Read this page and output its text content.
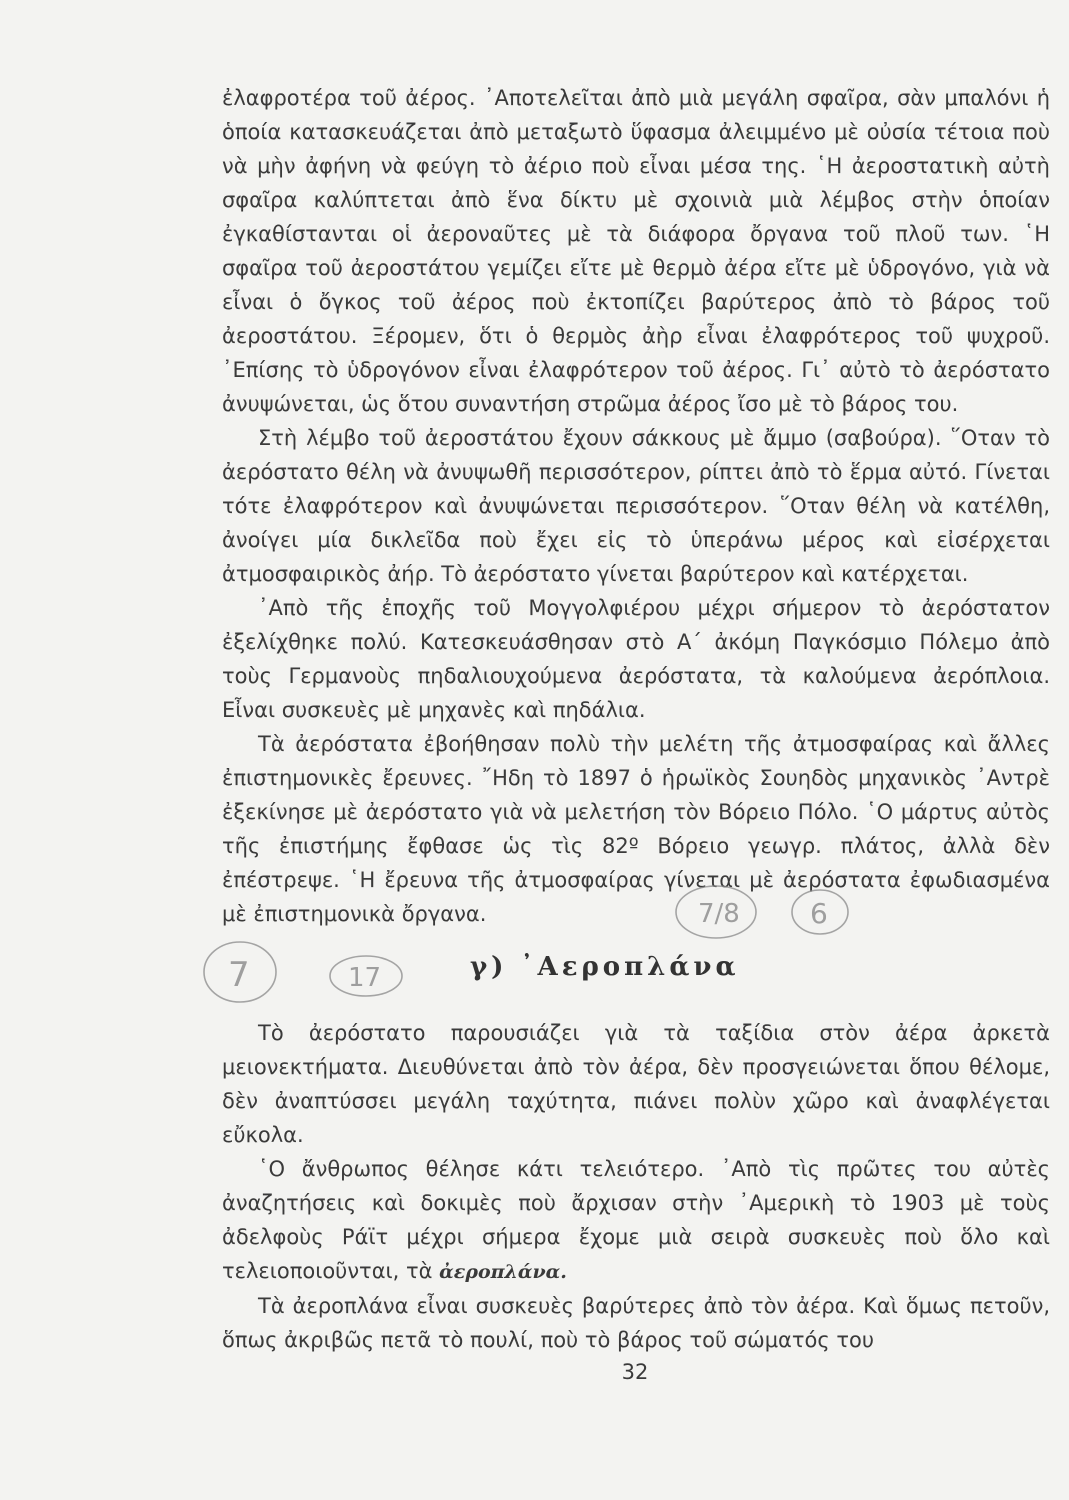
ἐλαφροτέρα τοῦ ἀέρος. ᾿Αποτελεῖται ἀπὸ μιὰ μεγάλη σφαῖρα, σὰν μπαλόνι ἡ ὁποία κατασκευάζεται ἀπὸ μεταξωτὸ ὕφασμα ἀλειμμένο μὲ οὐσία τέτοια ποὺ νὰ μὴν ἀφήνη νὰ φεύγη τὸ ἀέριο ποὺ εἶναι μέσα της. ῾Η ἀεροστατικὴ αὐτὴ σφαῖρα καλύπτεται ἀπὸ ἕνα δίκτυ μὲ σχοινιὰ μιὰ λέμβος στὴν ὁποίαν ἐγκαθίστανται οἱ ἀεροναῦτες μὲ τὰ διάφορα ὄργανα τοῦ πλοῦ των. ῾Η σφαῖρα τοῦ ἀεροστάτου γεμίζει εἴτε μὲ θερμὸ ἀέρα εἴτε μὲ ὑδρογόνο, γιὰ νὰ εἶναι ὁ ὄγκος τοῦ ἀέρος ποὺ ἐκτοπίζει βαρύτερος ἀπὸ τὸ βάρος τοῦ ἀεροστάτου. Ξέρομεν, ὅτι ὁ θερμὸς ἀὴρ εἶναι ἐλαφρότερος τοῦ ψυχροῦ. ᾿Επίσης τὸ ὑδρογόνον εἶναι ἐλαφρότερον τοῦ ἀέρος. Γι᾿ αὐτὸ τὸ ἀερόστατο ἀνυψώνεται, ὡς ὅτου συναντήση στρῶμα ἀέρος ἴσο μὲ τὸ βάρος του.

Στὴ λέμβο τοῦ ἀεροστάτου ἔχουν σάκκους μὲ ἄμμο (σαβούρα). ῞Οταν τὸ ἀερόστατο θέλη νὰ ἀνυψωθῆ περισσότερον, ρίπτει ἀπὸ τὸ ἕρμα αὐτό. Γίνεται τότε ἐλαφρότερον καὶ ἀνυψώνεται περισσότερον. ῞Οταν θέλη νὰ κατέλθη, ἀνοίγει μία δικλεῖδα ποὺ ἔχει εἰς τὸ ὑπεράνω μέρος καὶ εἰσέρχεται ἀτμοσφαιρικὸς ἀήρ. Τὸ ἀερόστατο γίνεται βαρύτερον καὶ κατέρχεται.

᾿Απὸ τῆς ἐποχῆς τοῦ Μογγολφιέρου μέχρι σήμερον τὸ ἀερόστατον ἐξελίχθηκε πολύ. Κατεσκευάσθησαν στὸ Α΄ ἀκόμη Παγκόσμιο Πόλεμο ἀπὸ τοὺς Γερμανοὺς πηδαλιουχούμενα ἀερόστατα, τὰ καλούμενα ἀερόπλοια. Εἶναι συσκευὲς μὲ μηχανὲς καὶ πηδάλια.

Τὰ ἀερόστατα ἐβοήθησαν πολὺ τὴν μελέτη τῆς ἀτμοσφαίρας καὶ ἄλλες ἐπιστημονικὲς ἔρευνες. ῎Ηδη τὸ 1897 ὁ ἡρωϊκὸς Σουηδὸς μηχανικὸς ᾿Αντρὲ ἐξεκίνησε μὲ ἀερόστατο γιὰ νὰ μελετήση τὸν Βόρειο Πόλο. ῾Ο μάρτυς αὐτὸς τῆς ἐπιστήμης ἔφθασε ὡς τὶς 82º Βόρειο γεωγρ. πλάτος, ἀλλὰ δὲν ἐπέστρεψε. ῾Η ἔρευνα τῆς ἀτμοσφαίρας γίνεται μὲ ἀερόστατα ἐφωδιασμένα μὲ ἐπιστημονικὰ ὄργανα.	7/8	6
7	17	γ) ᾿Αεροπλάνα

Τὸ ἀερόστατο παρουσιάζει γιὰ τὰ ταξίδια στὸν ἀέρα ἀρκετὰ μειονεκτήματα. Διευθύνεται ἀπὸ τὸν ἀέρα, δὲν προσγειώνεται ὅπου θέλομε, δὲν ἀναπτύσσει μεγάλη ταχύτητα, πιάνει πολὺν χῶρο καὶ ἀναφλέγεται εὔκολα.

῾Ο ἄνθρωπος θέλησε κάτι τελειότερο. ᾿Απὸ τὶς πρῶτες του αὐτὲς ἀναζητήσεις καὶ δοκιμὲς ποὺ ἄρχισαν στὴν ᾿Αμερικὴ τὸ 1903 μὲ τοὺς ἀδελφοὺς Ράϊτ μέχρι σήμερα ἔχομε μιὰ σειρὰ συσκευὲς ποὺ ὅλο καὶ τελειοποιοῦνται, τὰ ἀεροπλάνα.

Τὰ ἀεροπλάνα εἶναι συσκευὲς βαρύτερες ἀπὸ τὸν ἀέρα. Καὶ ὅμως πετοῦν, ὅπως ἀκριβῶς πετᾶ τὸ πουλί, ποὺ τὸ βάρος τοῦ σώματός του

32
